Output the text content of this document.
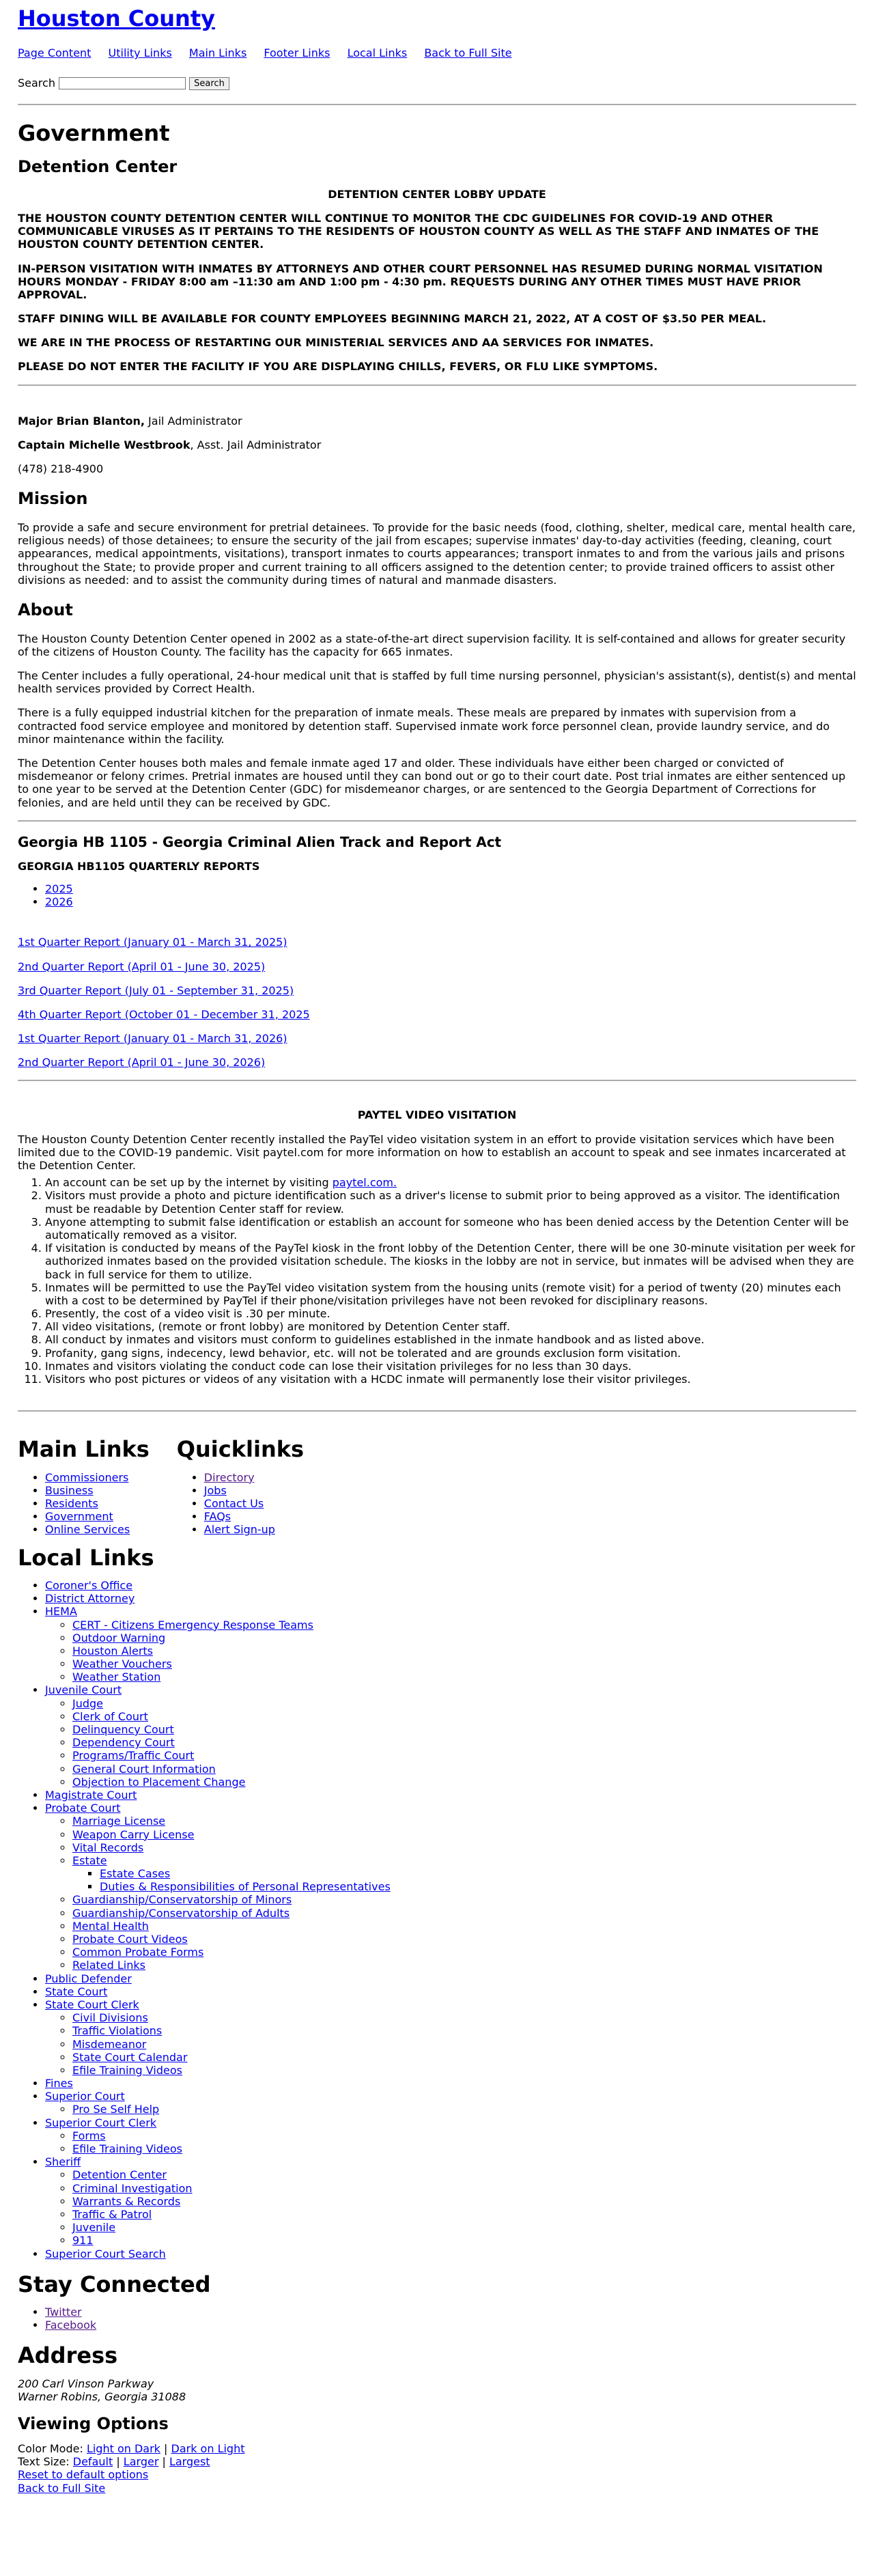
Houston County
Page Content Utility Links Main Links Footer Links Local Links Back to Full Site
Search	Search
Government
Detention Center

DETENTION CENTER LOBBY UPDATE

THE HOUSTON COUNTY DETENTION CENTER WILL CONTINUE TO MONITOR THE CDC GUIDELINES FOR COVID-19 AND OTHER COMMUNICABLE VIRUSES AS IT PERTAINS TO THE RESIDENTS OF HOUSTON COUNTY AS WELL AS THE STAFF AND INMATES OF THE HOUSTON COUNTY DETENTION CENTER.

IN-PERSON VISITATION WITH INMATES BY ATTORNEYS AND OTHER COURT PERSONNEL HAS RESUMED DURING NORMAL VISITATION HOURS MONDAY - FRIDAY 8:00 am –11:30 am AND 1:00 pm - 4:30 pm. REQUESTS DURING ANY OTHER TIMES MUST HAVE PRIOR APPROVAL.

STAFF DINING WILL BE AVAILABLE FOR COUNTY EMPLOYEES BEGINNING MARCH 21, 2022, AT A COST OF $3.50 PER MEAL.

WE ARE IN THE PROCESS OF RESTARTING OUR MINISTERIAL SERVICES AND AA SERVICES FOR INMATES.

PLEASE DO NOT ENTER THE FACILITY IF YOU ARE DISPLAYING CHILLS, FEVERS, OR FLU LIKE SYMPTOMS.

Major Brian Blanton, Jail Administrator

Captain Michelle Westbrook, Asst. Jail Administrator

(478) 218-4900

Mission

To provide a safe and secure environment for pretrial detainees. To provide for the basic needs (food, clothing, shelter, medical care, mental health care, religious needs) of those detainees; to ensure the security of the jail from escapes; supervise inmates' day-to-day activities (feeding, cleaning, court appearances, medical appointments, visitations), transport inmates to courts appearances; transport inmates to and from the various jails and prisons throughout the State; to provide proper and current training to all officers assigned to the detention center; to provide trained officers to assist other divisions as needed: and to assist the community during times of natural and manmade disasters.

About

The Houston County Detention Center opened in 2002 as a state-of-the-art direct supervision facility. It is self-contained and allows for greater security of the citizens of Houston County. The facility has the capacity for 665 inmates.

The Center includes a fully operational, 24-hour medical unit that is staffed by full time nursing personnel, physician's assistant(s), dentist(s) and mental health services provided by Correct Health.

There is a fully equipped industrial kitchen for the preparation of inmate meals. These meals are prepared by inmates with supervision from a contracted food service employee and monitored by detention staff. Supervised inmate work force personnel clean, provide laundry service, and do minor maintenance within the facility.

The Detention Center houses both males and female inmate aged 17 and older. These individuals have either been charged or convicted of misdemeanor or felony crimes. Pretrial inmates are housed until they can bond out or go to their court date. Post trial inmates are either sentenced up to one year to be served at the Detention Center (GDC) for misdemeanor charges, or are sentenced to the Georgia Department of Corrections for felonies, and are held until they can be received by GDC.

Georgia HB 1105 - Georgia Criminal Alien Track and Report Act
GEORGIA HB1105 QUARTERLY REPORTS
• 2025
• 2026

1st Quarter Report (January 01 - March 31, 2025)

2nd Quarter Report (April 01 - June 30, 2025)

3rd Quarter Report (July 01 - September 31, 2025)

4th Quarter Report (October 01 - December 31, 2025

1st Quarter Report (January 01 - March 31, 2026)

2nd Quarter Report (April 01 - June 30, 2026)

PAYTEL VIDEO VISITATION

The Houston County Detention Center recently installed the PayTel video visitation system in an effort to provide visitation services which have been limited due to the COVID-19 pandemic. Visit paytel.com for more information on how to establish an account to speak and see inmates incarcerated at the Detention Center.

1. An account can be set up by the internet by visiting paytel.com.
2. Visitors must provide a photo and picture identification such as a driver's license to submit prior to being approved as a visitor. The identification must be readable by Detention Center staff for review.
3. Anyone attempting to submit false identification or establish an account for someone who has been denied access by the Detention Center will be automatically removed as a visitor.
4. If visitation is conducted by means of the PayTel kiosk in the front lobby of the Detention Center, there will be one 30-minute visitation per week for authorized inmates based on the provided visitation schedule. The kiosks in the lobby are not in service, but inmates will be advised when they are back in full service for them to utilize.
5. Inmates will be permitted to use the PayTel video visitation system from the housing units (remote visit) for a period of twenty (20) minutes each with a cost to be determined by PayTel if their phone/visitation privileges have not been revoked for disciplinary reasons.
6. Presently, the cost of a video visit is .30 per minute.
7. All video visitations, (remote or front lobby) are monitored by Detention Center staff.
8. All conduct by inmates and visitors must conform to guidelines established in the inmate handbook and as listed above.
9. Profanity, gang signs, indecency, lewd behavior, etc. will not be tolerated and are grounds exclusion form visitation.
10. Inmates and visitors violating the conduct code can lose their visitation privileges for no less than 30 days.
11. Visitors who post pictures or videos of any visitation with a HCDC inmate will permanently lose their visitor privileges.
Main Links
• Commissioners
• Business
• Residents
• Government
• Online Services
Quicklinks
• Directory
• Jobs
• Contact Us
• FAQs
• Alert Sign-up
Local Links
• Coroner's Office
• District Attorney
• HEMA
◦ CERT - Citizens Emergency Response Teams
◦ Outdoor Warning
◦ Houston Alerts
◦ Weather Vouchers
◦ Weather Station
• Juvenile Court
◦ Judge
◦ Clerk of Court
◦ Delinquency Court
◦ Dependency Court
◦ Programs/Traffic Court
◦ General Court Information
◦ Objection to Placement Change
• Magistrate Court
• Probate Court
◦ Marriage License
◦ Weapon Carry License
◦ Vital Records
◦ Estate
▪ Estate Cases
▪ Duties & Responsibilities of Personal Representatives
◦ Guardianship/Conservatorship of Minors
◦ Guardianship/Conservatorship of Adults
◦ Mental Health
◦ Probate Court Videos
◦ Common Probate Forms
◦ Related Links
• Public Defender
• State Court
• State Court Clerk
◦ Civil Divisions
◦ Traffic Violations
◦ Misdemeanor
◦ State Court Calendar
◦ Efile Training Videos
• Fines
• Superior Court
◦ Pro Se Self Help
• Superior Court Clerk
◦ Forms
◦ Efile Training Videos
• Sheriff
◦ Detention Center
◦ Criminal Investigation
◦ Warrants & Records
◦ Traffic & Patrol
◦ Juvenile
◦ 911
• Superior Court Search
Stay Connected
• Twitter
• Facebook
Address

200 Carl Vinson Parkway
Warner Robins, Georgia 31088

Viewing Options
Color Mode: Light on Dark | Dark on Light
Text Size: Default | Larger | Largest
Reset to default options
Back to Full Site
